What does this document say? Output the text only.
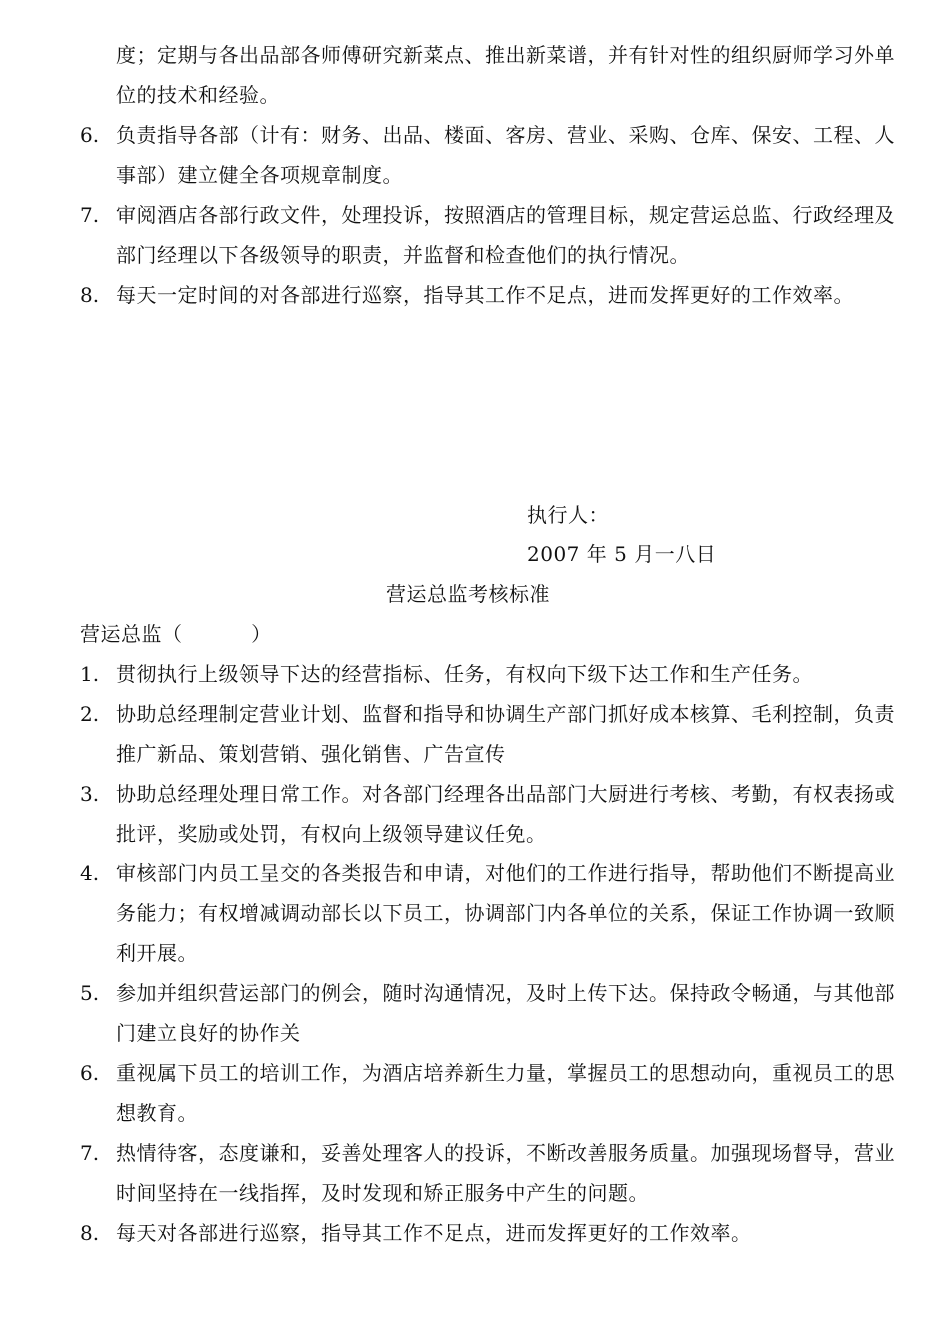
度；定期与各出品部各师傅研究新菜点、推出新菜谱，并有针对性的组织厨师学习外单位的技术和经验。
6. 负责指导各部（计有：财务、出品、楼面、客房、营业、采购、仓库、保安、工程、人事部）建立健全各项规章制度。
7. 审阅酒店各部行政文件，处理投诉，按照酒店的管理目标，规定营运总监、行政经理及部门经理以下各级领导的职责，并监督和检查他们的执行情况。
8. 每天一定时间的对各部进行巡察，指导其工作不足点，进而发挥更好的工作效率。
执行人：
2007 年 5 月一八日
营运总监考核标准
营运总监（          ）
1. 贯彻执行上级领导下达的经营指标、任务，有权向下级下达工作和生产任务。
2. 协助总经理制定营业计划、监督和指导和协调生产部门抓好成本核算、毛利控制，负责推广新品、策划营销、强化销售、广告宣传
3. 协助总经理处理日常工作。对各部门经理各出品部门大厨进行考核、考勤，有权表扬或批评，奖励或处罚，有权向上级领导建议任免。
4. 审核部门内员工呈交的各类报告和申请，对他们的工作进行指导，帮助他们不断提高业务能力；有权增减调动部长以下员工，协调部门内各单位的关系，保证工作协调一致顺利开展。
5. 参加并组织营运部门的例会，随时沟通情况，及时上传下达。保持政令畅通，与其他部门建立良好的协作关
6. 重视属下员工的培训工作，为酒店培养新生力量，掌握员工的思想动向，重视员工的思想教育。
7. 热情待客，态度谦和，妥善处理客人的投诉，不断改善服务质量。加强现场督导，营业时间坚持在一线指挥，及时发现和矫正服务中产生的问题。
8. 每天对各部进行巡察，指导其工作不足点，进而发挥更好的工作效率。
